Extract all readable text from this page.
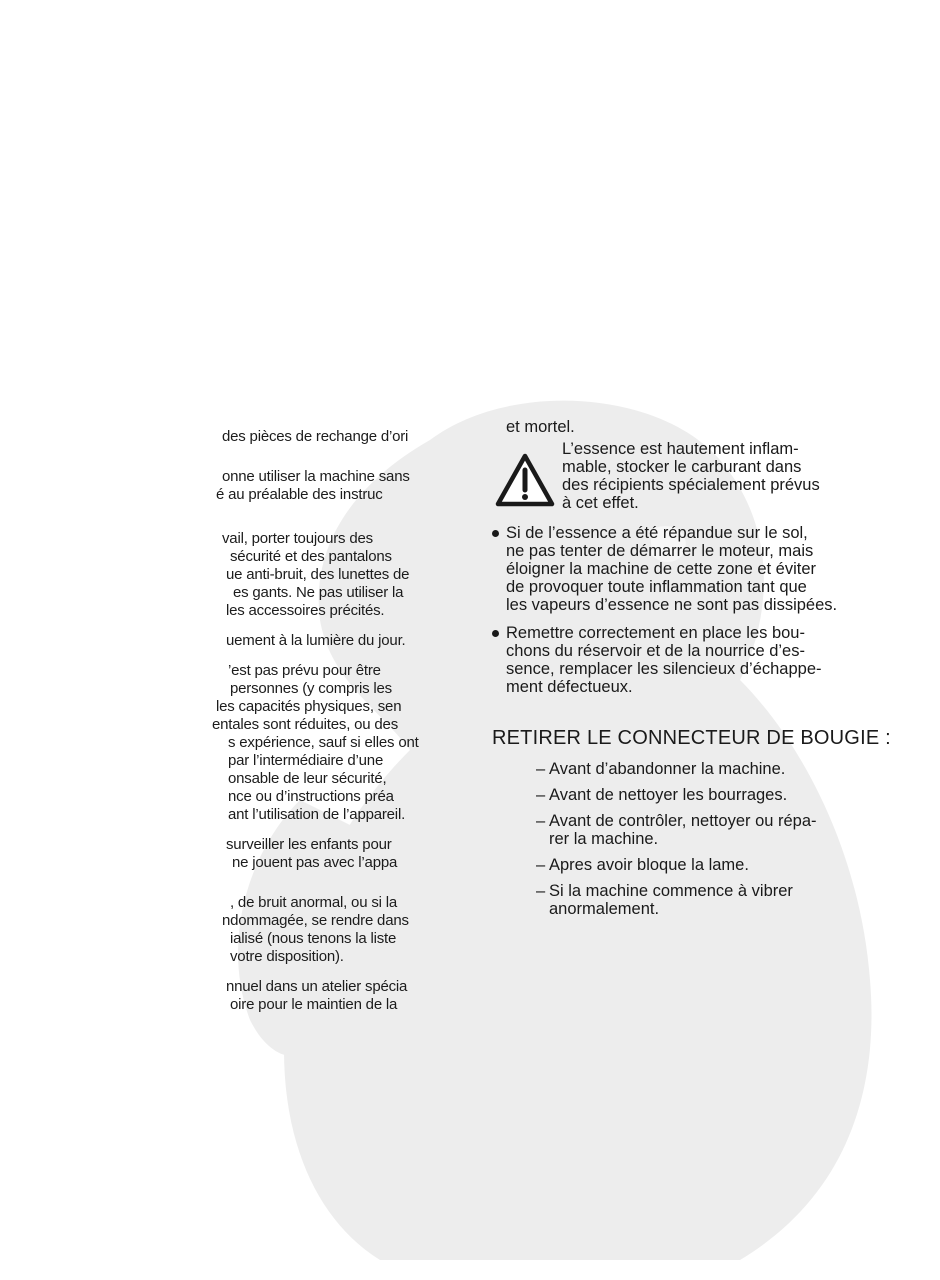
des pièces de rechange d’ori
onne utiliser la machine sans
é au préalable des instruc
vail, porter toujours des
sécurité et des pantalons
ue anti-bruit, des lunettes de
es gants. Ne pas utiliser la
les accessoires précités.
uement à la lumière du jour.
’est pas prévu pour être
personnes (y compris les
les capacités physiques, sen
entales sont réduites, ou des
s expérience, sauf si elles ont
par l’intermédiaire d’une
onsable de leur sécurité,
nce ou d’instructions préa
ant l’utilisation de l’appareil.
surveiller les enfants pour
ne jouent pas avec l’appa
, de bruit anormal, ou si la
ndommagée, se rendre dans
ialisé (nous tenons la liste
votre disposition).
nnuel dans un atelier spécia
oire pour le maintien de la
et mortel.
L’essence est hautement inflam-
mable, stocker le carburant dans
des récipients spécialement prévus
à cet effet.
Si de l’essence a été répandue sur le sol,
ne pas tenter de démarrer le moteur, mais
éloigner la machine de cette zone et éviter
de provoquer toute inflammation tant que
les vapeurs d’essence ne sont pas dissipées.
Remettre correctement en place les bou-
chons du réservoir et de la nourrice d’es-
sence, remplacer les silencieux d’échappe-
ment défectueux.
RETIRER LE CONNECTEUR DE BOUGIE :
– Avant d’abandonner la machine.
– Avant de nettoyer les bourrages.
– Avant de contrôler, nettoyer ou répa-
rer la machine.
– Apres avoir bloque la lame.
– Si la machine commence à vibrer
anormalement.
